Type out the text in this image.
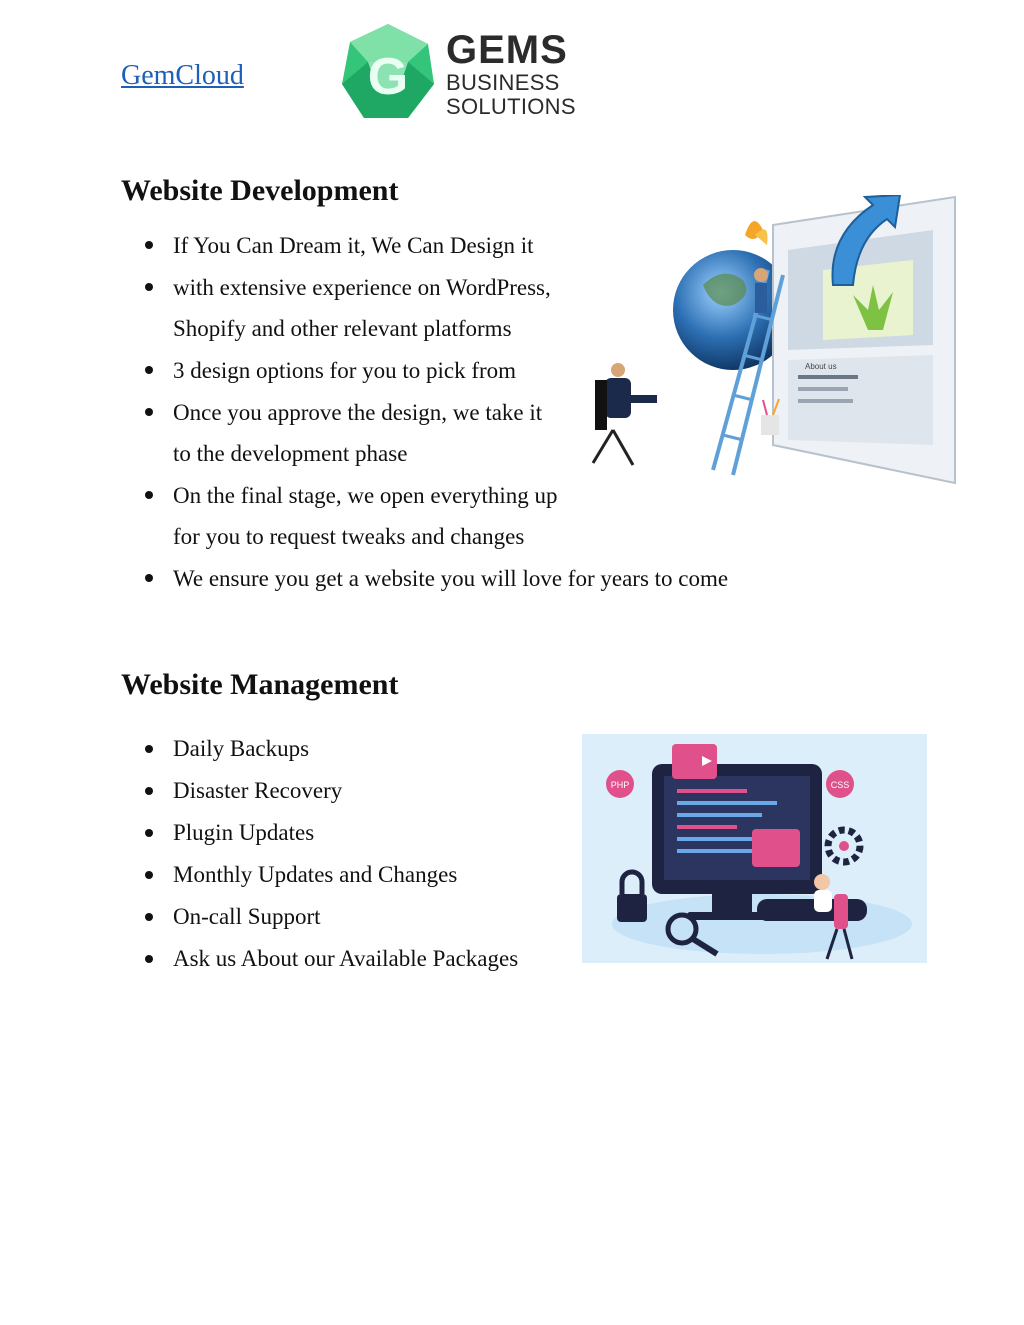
GemCloud G GEMS
BUSINESS
SOLUTIONS
Website Development
If You Can Dream it, We Can Design it
with extensive experience on WordPress, Shopify and other relevant platforms
3 design options for you to pick from
Once you approve the design, we take it to the development phase
On the final stage, we open everything up for you to request tweaks and changes
We ensure you get a website you will love for years to come
About us
Website Management
Daily Backups
Disaster Recovery
Plugin Updates
Monthly Updates and Changes
On-call Support
Ask us About our Available Packages
PHP	CSS
